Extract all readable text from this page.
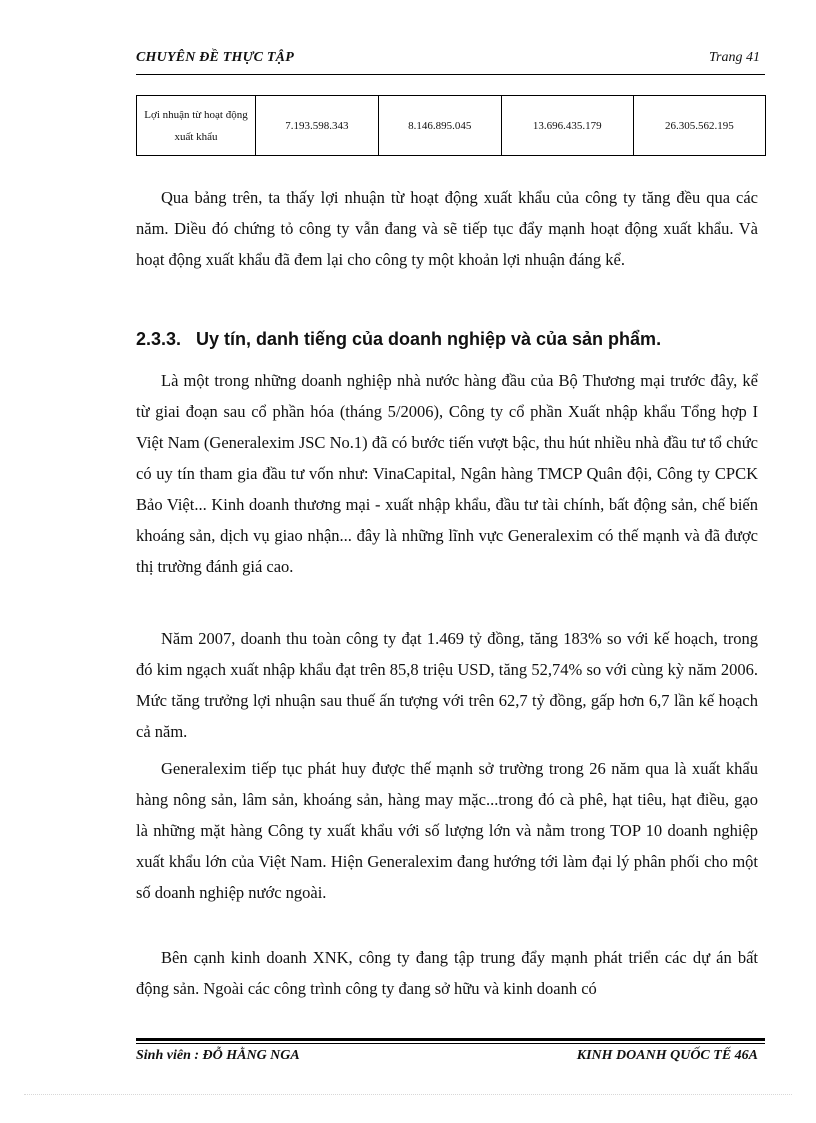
CHUYÊN ĐỀ THỰC TẬP	Trang 41
Lợi nhuận từ hoạt động xuất khẩu	7.193.598.343	8.146.895.045	13.696.435.179	26.305.562.195

Qua bảng trên, ta thấy lợi nhuận từ hoạt động xuất khẩu của công ty tăng đều qua các năm. Diều đó chứng tỏ công ty vẫn đang và sẽ tiếp tục đẩy mạnh hoạt động xuất khẩu. Và hoạt động xuất khẩu đã đem lại cho công ty một khoản lợi nhuận đáng kể.

2.3.3. Uy tín, danh tiếng của doanh nghiệp và của sản phẩm.

Là một trong những doanh nghiệp nhà nước hàng đầu của Bộ Thương mại trước đây, kể từ giai đoạn sau cổ phần hóa (tháng 5/2006), Công ty cổ phần Xuất nhập khẩu Tổng hợp I Việt Nam (Generalexim JSC No.1) đã có bước tiến vượt bậc, thu hút nhiều nhà đầu tư tổ chức có uy tín tham gia đầu tư vốn như: VinaCapital, Ngân hàng TMCP Quân đội, Công ty CPCK Bảo Việt... Kinh doanh thương mại - xuất nhập khẩu, đầu tư tài chính, bất động sản, chế biến khoáng sản, dịch vụ giao nhận... đây là những lĩnh vực Generalexim có thế mạnh và đã được thị trường đánh giá cao.

Năm 2007, doanh thu toàn công ty đạt 1.469 tỷ đồng, tăng 183% so với kế hoạch, trong đó kim ngạch xuất nhập khẩu đạt trên 85,8 triệu USD, tăng 52,74% so với cùng kỳ năm 2006. Mức tăng trưởng lợi nhuận sau thuế ấn tượng với trên 62,7 tỷ đồng, gấp hơn 6,7 lần kế hoạch cả năm.

Generalexim tiếp tục phát huy được thế mạnh sở trường trong 26 năm qua là xuất khẩu hàng nông sản, lâm sản, khoáng sản, hàng may mặc...trong đó cà phê, hạt tiêu, hạt điều, gạo là những mặt hàng Công ty xuất khẩu với số lượng lớn và nằm trong TOP 10 doanh nghiệp xuất khẩu lớn của Việt Nam. Hiện Generalexim đang hướng tới làm đại lý phân phối cho một số doanh nghiệp nước ngoài.

Bên cạnh kinh doanh XNK, công ty đang tập trung đẩy mạnh phát triển các dự án bất động sản. Ngoài các công trình công ty đang sở hữu và kinh doanh có

Sinh viên : ĐỖ HẰNG NGA	KINH DOANH QUỐC TẾ 46A
